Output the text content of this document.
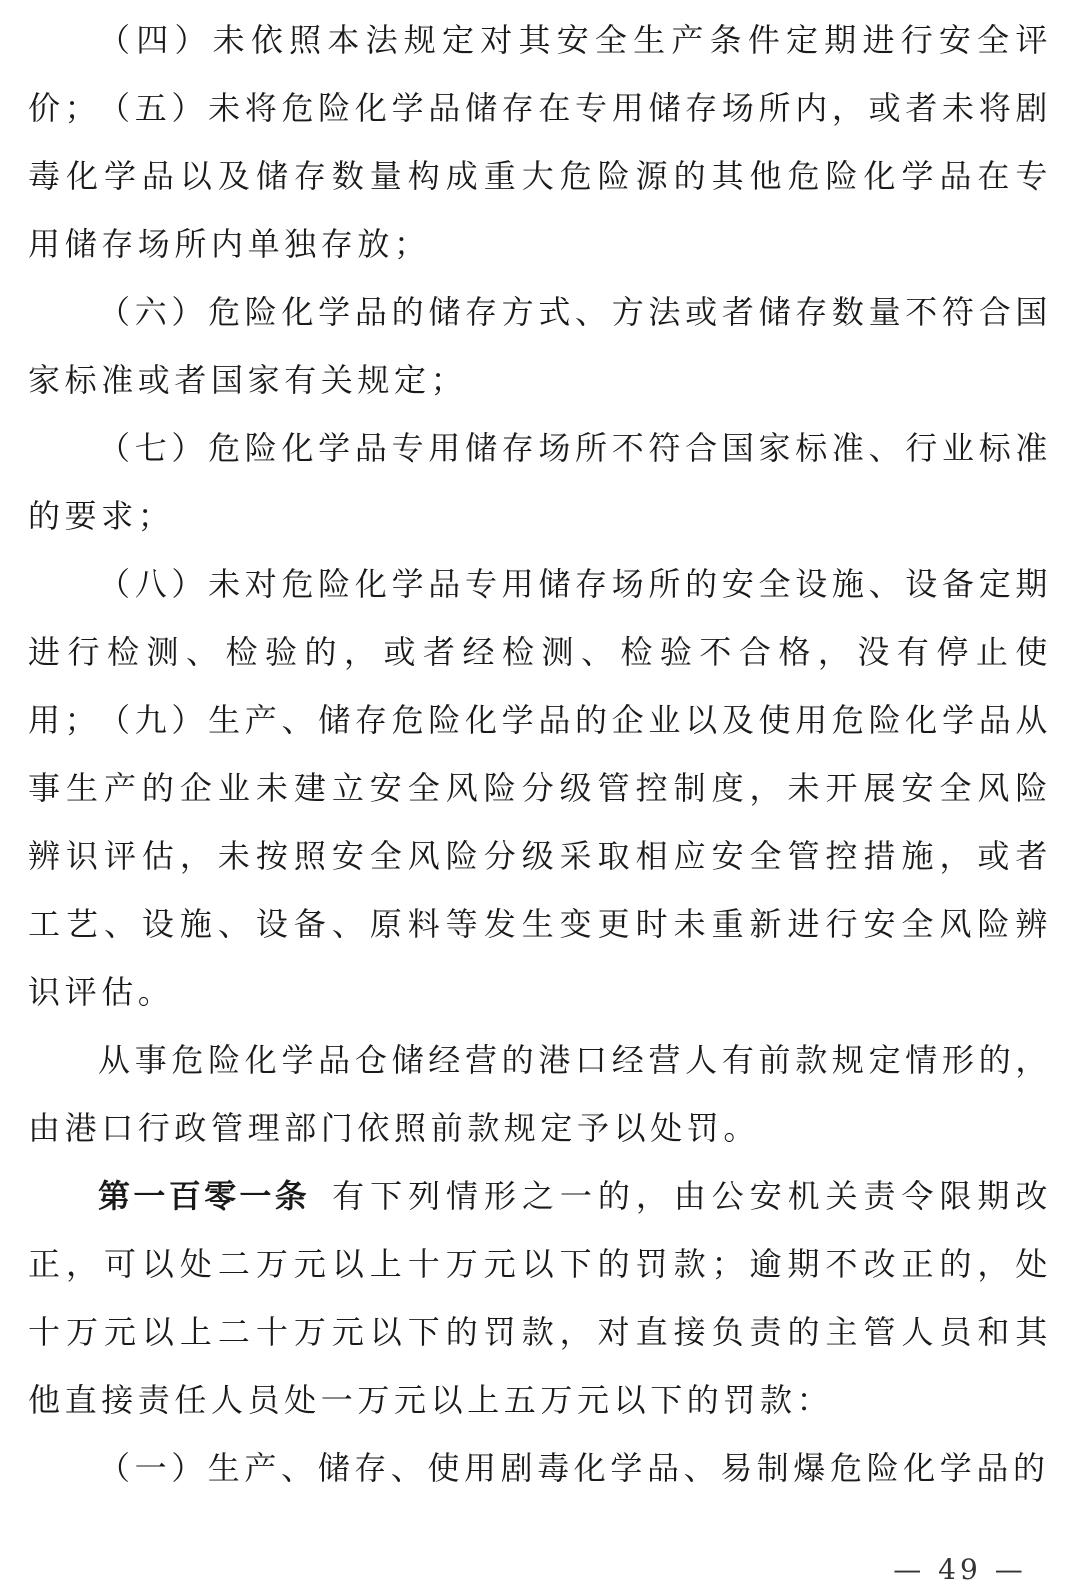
（四）未依照本法规定对其安全生产条件定期进行安全评价；

（五）未将危险化学品储存在专用储存场所内，或者未将剧毒化学品以及储存数量构成重大危险源的其他危险化学品在专用储存场所内单独存放；

（六）危险化学品的储存方式、方法或者储存数量不符合国家标准或者国家有关规定；

（七）危险化学品专用储存场所不符合国家标准、行业标准的要求；

（八）未对危险化学品专用储存场所的安全设施、设备定期进行检测、检验的，或者经检测、检验不合格，没有停止使用；

（九）生产、储存危险化学品的企业以及使用危险化学品从事生产的企业未建立安全风险分级管控制度，未开展安全风险辨识评估，未按照安全风险分级采取相应安全管控措施，或者工艺、设施、设备、原料等发生变更时未重新进行安全风险辨识评估。

从事危险化学品仓储经营的港口经营人有前款规定情形的，由港口行政管理部门依照前款规定予以处罚。

第一百零一条 有下列情形之一的，由公安机关责令限期改正，可以处二万元以上十万元以下的罚款；逾期不改正的，处十万元以上二十万元以下的罚款，对直接负责的主管人员和其他直接责任人员处一万元以上五万元以下的罚款：

（一）生产、储存、使用剧毒化学品、易制爆危险化学品的

— 49 —
